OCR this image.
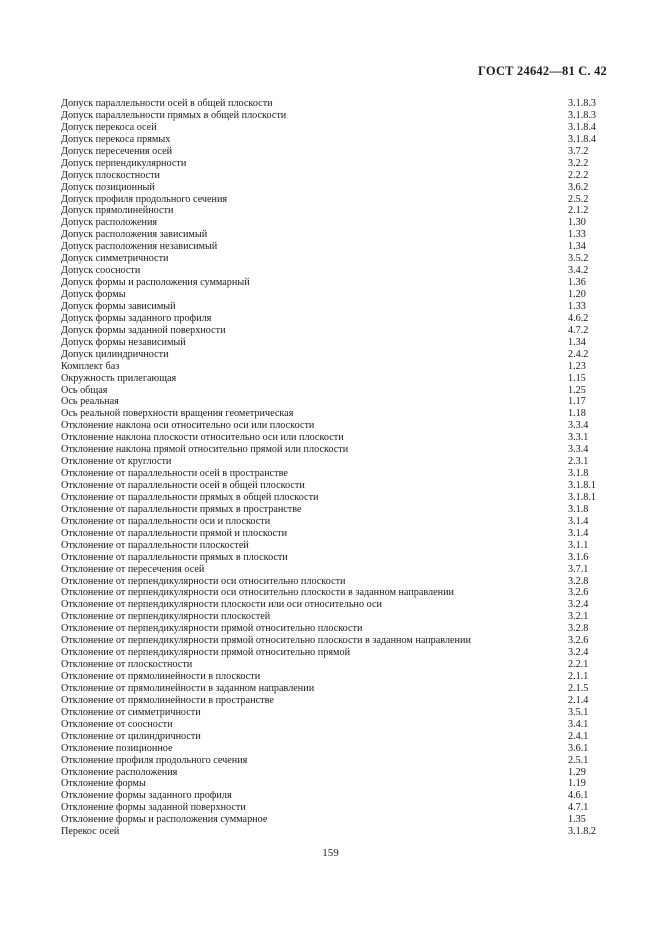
ГОСТ 24642—81 С. 42
Допуск параллельности осей в общей плоскости	3.1.8.3
Допуск параллельности прямых в общей плоскости	3.1.8.3
Допуск перекоса осей	3.1.8.4
Допуск перекоса прямых	3.1.8.4
Допуск пересечения осей	3.7.2
Допуск перпендикулярности	3.2.2
Допуск плоскостности	2.2.2
Допуск позиционный	3.6.2
Допуск профиля продольного сечения	2.5.2
Допуск прямолинейности	2.1.2
Допуск расположения	1.30
Допуск расположения зависимый	1.33
Допуск расположения независимый	1.34
Допуск симметричности	3.5.2
Допуск соосности	3.4.2
Допуск формы и расположения суммарный	1.36
Допуск формы	1.20
Допуск формы зависимый	1.33
Допуск формы заданного профиля	4.6.2
Допуск формы заданной поверхности	4.7.2
Допуск формы независимый	1.34
Допуск цилиндричности	2.4.2
Комплект баз	1.23
Окружность прилегающая	1.15
Ось общая	1.25
Ось реальная	1.17
Ось реальной поверхности вращения геометрическая	1.18
Отклонение наклона оси относительно оси или плоскости	3.3.4
Отклонение наклона плоскости относительно оси или плоскости	3.3.1
Отклонение наклона прямой относительно прямой или плоскости	3.3.4
Отклонение от круглости	2.3.1
Отклонение от параллельности осей в пространстве	3.1.8
Отклонение от параллельности осей в общей плоскости	3.1.8.1
Отклонение от параллельности прямых в общей плоскости	3.1.8.1
Отклонение от параллельности прямых в пространстве	3.1.8
Отклонение от параллельности оси и плоскости	3.1.4
Отклонение от параллельности прямой и плоскости	3.1.4
Отклонение от параллельности плоскостей	3.1.1
Отклонение от параллельности прямых в плоскости	3.1.6
Отклонение от пересечения осей	3.7.1
Отклонение от перпендикулярности оси относительно плоскости	3.2.8
Отклонение от перпендикулярности оси относительно плоскости в заданном направлении	3.2.6
Отклонение от перпендикулярности плоскости или оси относительно оси	3.2.4
Отклонение от перпендикулярности плоскостей	3.2.1
Отклонение от перпендикулярности прямой относительно плоскости	3.2.8
Отклонение от перпендикулярности прямой относительно плоскости в заданном направлении	3.2.6
Отклонение от перпендикулярности прямой относительно прямой	3.2.4
Отклонение от плоскостности	2.2.1
Отклонение от прямолинейности в плоскости	2.1.1
Отклонение от прямолинейности в заданном направлении	2.1.5
Отклонение от прямолинейности в пространстве	2.1.4
Отклонение от симметричности	3.5.1
Отклонение от соосности	3.4.1
Отклонение от цилиндричности	2.4.1
Отклонение позиционное	3.6.1
Отклонение профиля продольного сечения	2.5.1
Отклонение расположения	1.29
Отклонение формы	1.19
Отклонение формы заданного профиля	4.6.1
Отклонение формы заданной поверхности	4.7.1
Отклонение формы и расположения суммарное	1.35
Перекос осей	3.1.8.2
159
